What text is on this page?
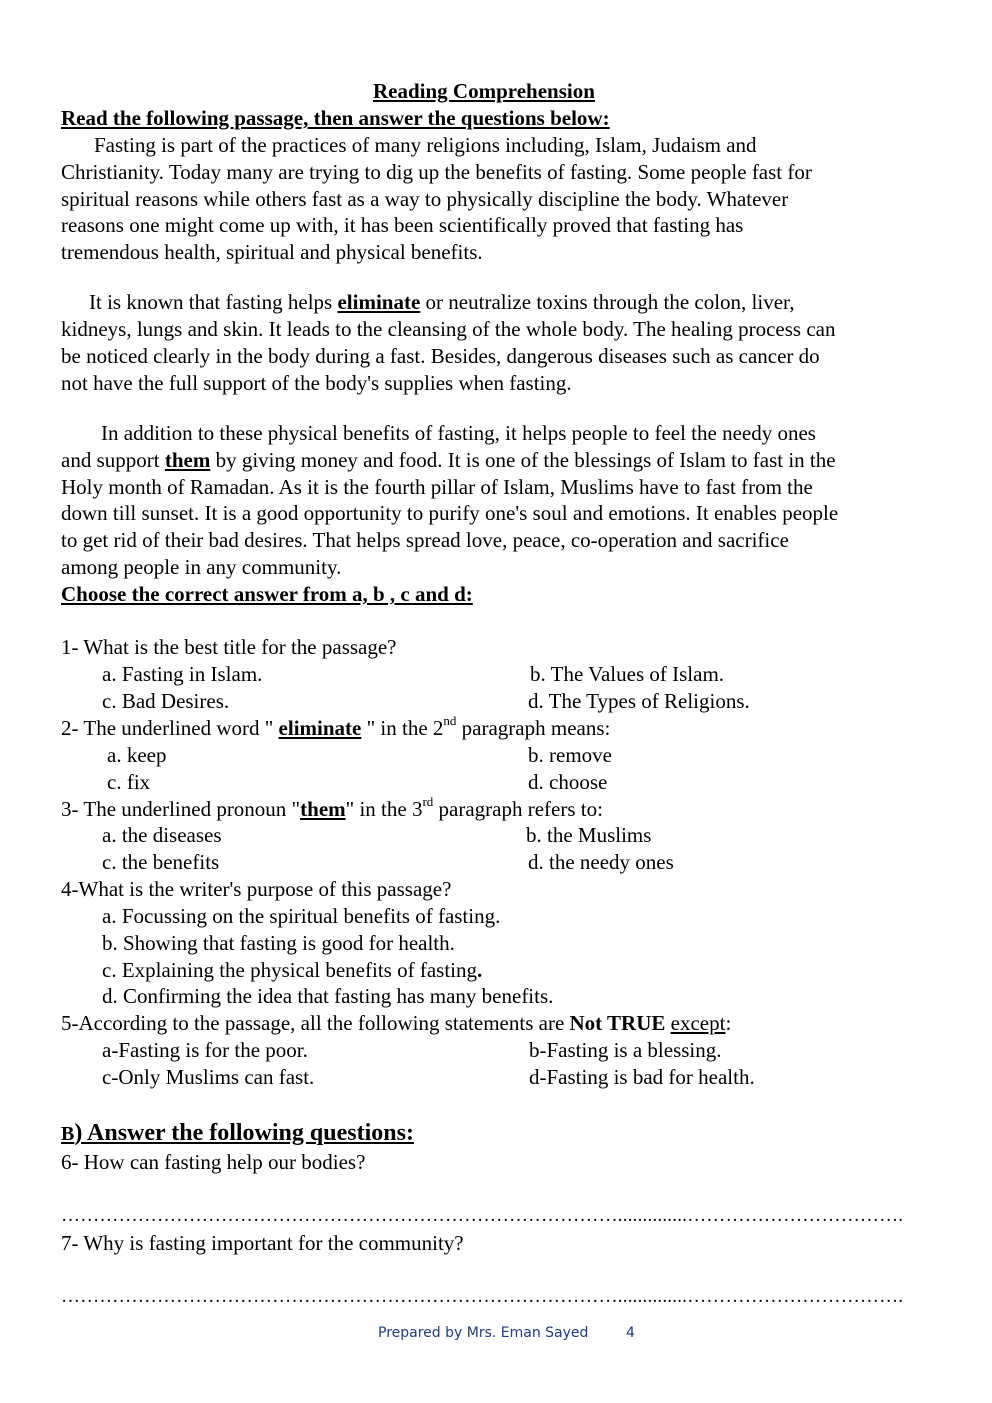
Reading Comprehension
Read the following passage, then answer the questions below:
Fasting is part of the practices of many religions including, Islam, Judaism and
Christianity. Today many are trying to dig up the benefits of fasting. Some people fast for
spiritual reasons while others fast as a way to physically discipline the body. Whatever
reasons one might come up with, it has been scientifically proved that fasting has
tremendous health, spiritual and physical benefits.
It is known that fasting helps eliminate or neutralize toxins through the colon, liver,
kidneys, lungs and skin. It leads to the cleansing of the whole body. The healing process can
be noticed clearly in the body during a fast. Besides, dangerous diseases such as cancer do
not have the full support of the body's supplies when fasting.
In addition to these physical benefits of fasting, it helps people to feel the needy ones
and support them by giving money and food. It is one of the blessings of Islam to fast in the
Holy month of Ramadan. As it is the fourth pillar of Islam, Muslims have to fast from the
down till sunset. It is a good opportunity to purify one's soul and emotions. It enables people
to get rid of their bad desires. That helps spread love, peace, co-operation and sacrifice
among people in any community.
Choose the correct answer from a, b , c and d:
1- What is the best title for the passage?
a. Fasting in Islam.	b. The Values of Islam.
c. Bad Desires.	d. The Types of Religions.
2- The underlined word " eliminate " in the 2nd paragraph means:
a. keep	b. remove
c. fix	d. choose
3- The underlined pronoun "them" in the 3rd paragraph refers to:
a. the diseases	b. the Muslims
c. the benefits	d. the needy ones
4-What is the writer's purpose of this passage?
a. Focussing on the spiritual benefits of fasting.
b. Showing that fasting is good for health.
c. Explaining the physical benefits of fasting.
d. Confirming the idea that fasting has many benefits.
5-According to the passage, all the following statements are Not TRUE except:
a-Fasting is for the poor.	b-Fasting is a blessing.
c-Only Muslims can fast.	d-Fasting is bad for health.
B) Answer the following questions:
6- How can fasting help our bodies?
……………………………………………………………………………..............…………………………….
7- Why is fasting important for the community?
……………………………………………………………………………..............…………………………….
Prepared by Mrs. Eman Sayed	4
